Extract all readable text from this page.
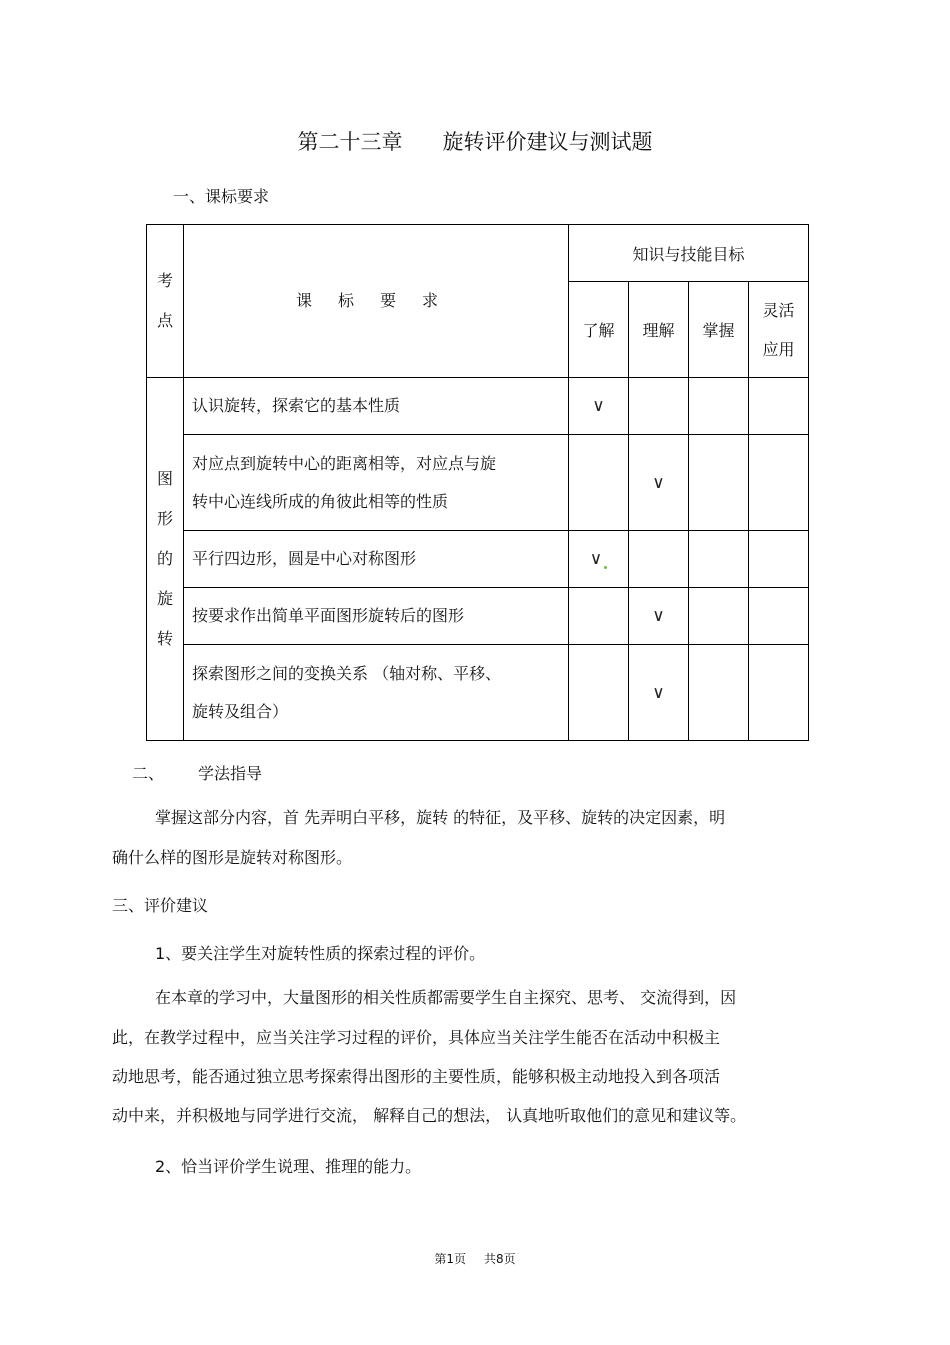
第二十三章 旋转评价建议与测试题
一、课标要求
考
点	课标要求	知识与技能目标			
		了解	理解	掌握	灵活
应用
图
形
的
旋
转	认识旋转，探索它的基本性质	∨			
	对应点到旋转中心的距离相等，对应点与旋
转中心连线所成的角彼此相等的性质		∨		
	平行四边形，圆是中心对称图形	∨			
	按要求作出简单平面图形旋转后的图形		∨		
	探索图形之间的变换关系 （轴对称、平移、
旋转及组合）		∨		
二、 学法指导
掌握这部分内容，首 先弄明白平移，旋转 的特征，及平移、旋转的决定因素，明
确什么样的图形是旋转对称图形。
三、评价建议
1、要关注学生对旋转性质的探索过程的评价。
在本章的学习中，大量图形的相关性质都需要学生自主探究、思考、 交流得到，因
此，在教学过程中，应当关注学习过程的评价，具体应当关注学生能否在活动中积极主
动地思考，能否通过独立思考探索得出图形的主要性质，能够积极主动地投入到各项活
动中来，并积极地与同学进行交流， 解释自己的想法， 认真地听取他们的意见和建议等。
2、恰当评价学生说理、推理的能力。
第1页 共8页
